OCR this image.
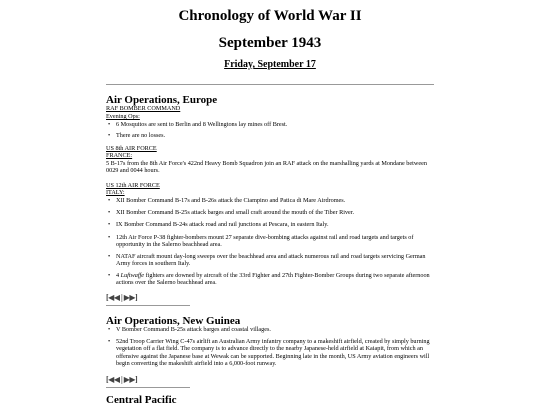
Chronology of World War II
September 1943
Friday, September 17
Air Operations, Europe
RAF BOMBER COMMAND
Evening Ops:
• 6 Mosquitos are sent to Berlin and 8 Wellingtons lay mines off Brest.
• There are no losses.
US 8th AIR FORCE
FRANCE:
5 B-17s from the 8th Air Force's 422nd Heavy Bomb Squadron join an RAF attack on the marshalling yards at Mondane between 0029 and 0044 hours.
US 12th AIR FORCE
ITALY:
• XII Bomber Command B-17s and B-26s attack the Ciampino and Patica di Mare Airdromes.
• XII Bomber Command B-25s attack barges and small craft around the mouth of the Tiber River.
• IX Bomber Command B-24s attack road and rail junctions at Pescara, in eastern Italy.
• 12th Air Force P-38 fighter-bombers mount 27 separate dive-bombing attacks against rail and road targets and targets of opportunity in the Salerno beachhead area.
• NATAF aircraft mount day-long sweeps over the beachhead area and attack numerous rail and road targets servicing German Army forces in southern Italy.
• 4 Luftwaffe fighters are downed by aircraft of the 33rd Fighter and 27th Fighter-Bomber Groups during two separate afternoon actions over the Salerno beachhead area.
[◀◀ | ▶▶]
Air Operations, New Guinea
• V Bomber Command B-25s attack barges and coastal villages.
• 52nd Troop Carrier Wing C-47s airlift an Australian Army infantry company to a makeshift airfield, created by simply burning vegetation off a flat field. The company is to advance directly to the nearby Japanese-held airfield at Kaiapit, from which an offensive against the Japanese base at Wewak can be supported. Beginning late in the month, US Army aviation engineers will begin converting the makeshift airfield into a 6,000-foot runway.
[◀◀ | ▶▶]
Central Pacific
